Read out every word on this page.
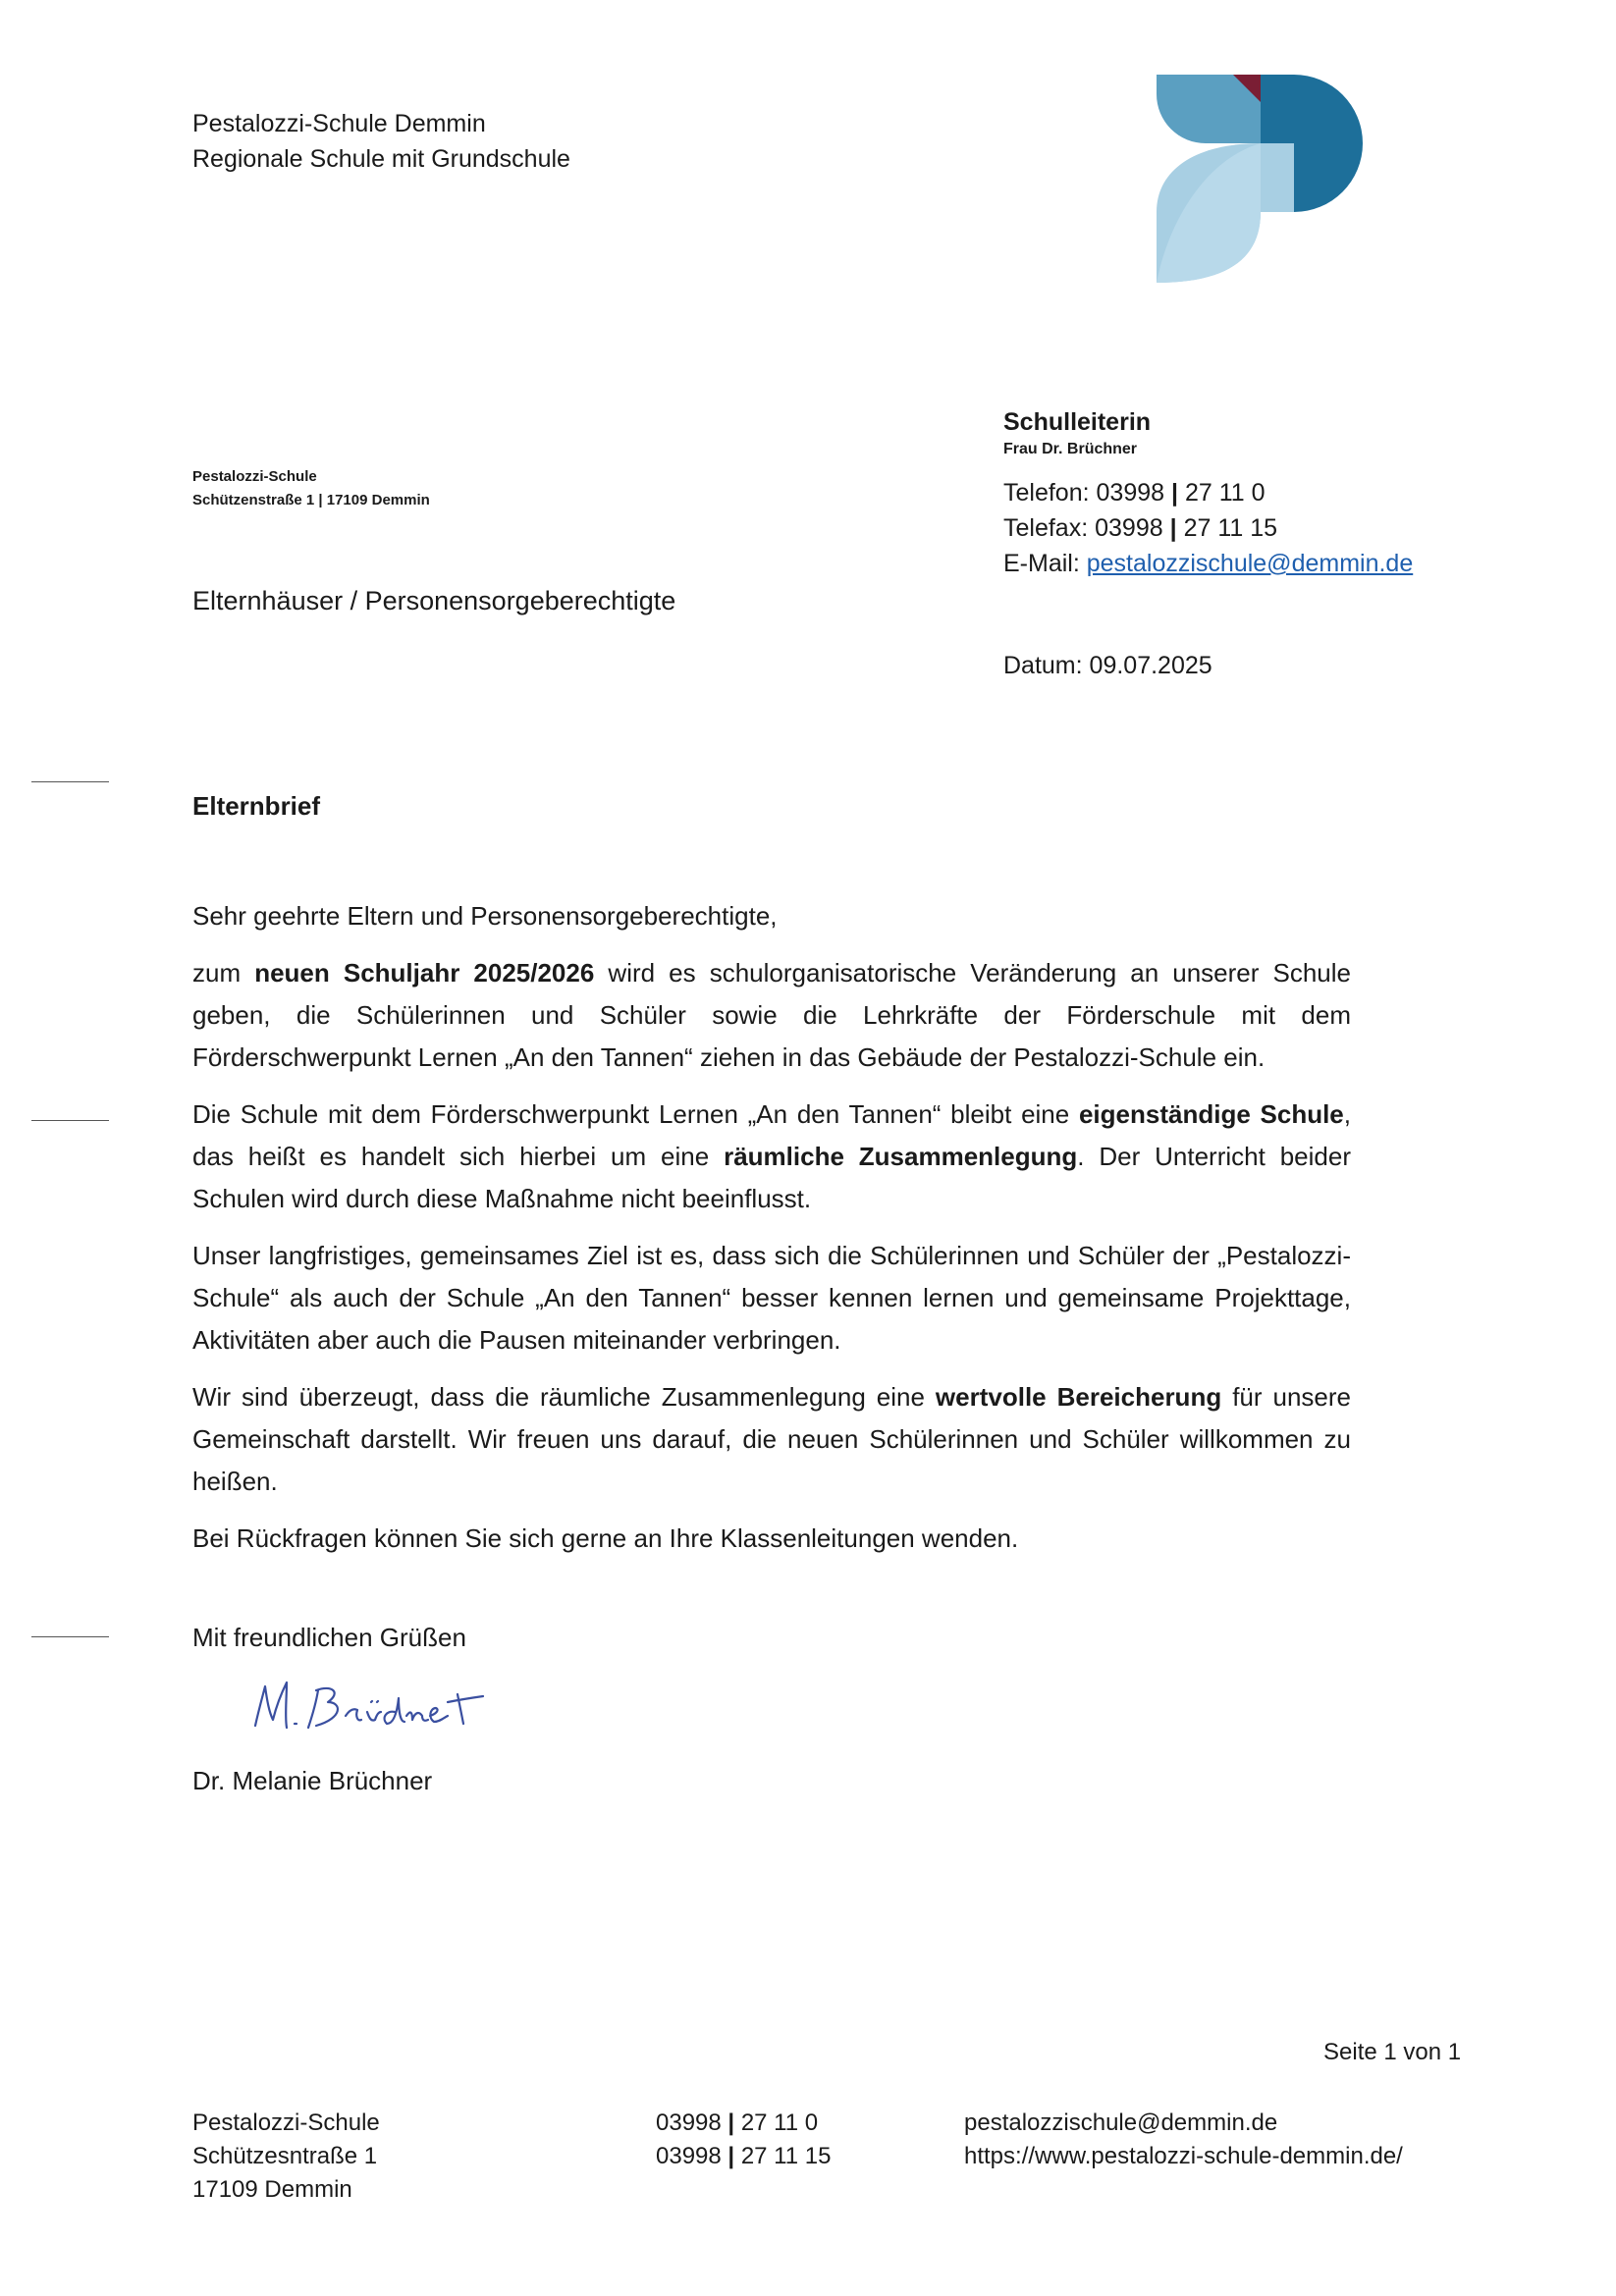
Pestalozzi-Schule Demmin
Regionale Schule mit Grundschule
Schulleiterin
Frau Dr. Brüchner
Telefon: 03998 | 27 11 0
Telefax: 03998 | 27 11 15
E-Mail: pestalozzischule@demmin.de
Pestalozzi-Schule
Schützenstraße 1 | 17109 Demmin
Elternhäuser / Personensorgeberechtigte
Datum: 09.07.2025
Elternbrief

Sehr geehrte Eltern und Personensorgeberechtigte,

zum neuen Schuljahr 2025/2026 wird es schulorganisatorische Veränderung an unserer Schule geben, die Schülerinnen und Schüler sowie die Lehrkräfte der Förderschule mit dem Förderschwerpunkt Lernen „An den Tannen“ ziehen in das Gebäude der Pestalozzi-Schule ein.

Die Schule mit dem Förderschwerpunkt Lernen „An den Tannen“ bleibt eine eigenständige Schule, das heißt es handelt sich hierbei um eine räumliche Zusammenlegung. Der Unterricht beider Schulen wird durch diese Maßnahme nicht beeinflusst.

Unser langfristiges, gemeinsames Ziel ist es, dass sich die Schülerinnen und Schüler der „Pestalozzi-Schule“ als auch der Schule „An den Tannen“ besser kennen lernen und gemeinsame Projekttage, Aktivitäten aber auch die Pausen miteinander verbringen.

Wir sind überzeugt, dass die räumliche Zusammenlegung eine wertvolle Bereicherung für unsere Gemeinschaft darstellt. Wir freuen uns darauf, die neuen Schülerinnen und Schüler willkommen zu heißen.

Bei Rückfragen können Sie sich gerne an Ihre Klassenleitungen wenden.

Mit freundlichen Grüßen
Dr. Melanie Brüchner
Seite 1 von 1
Pestalozzi-Schule
Schützesntraße 1
17109 Demmin
03998 | 27 11 0
03998 | 27 11 15
pestalozzischule@demmin.de
https://www.pestalozzi-schule-demmin.de/
